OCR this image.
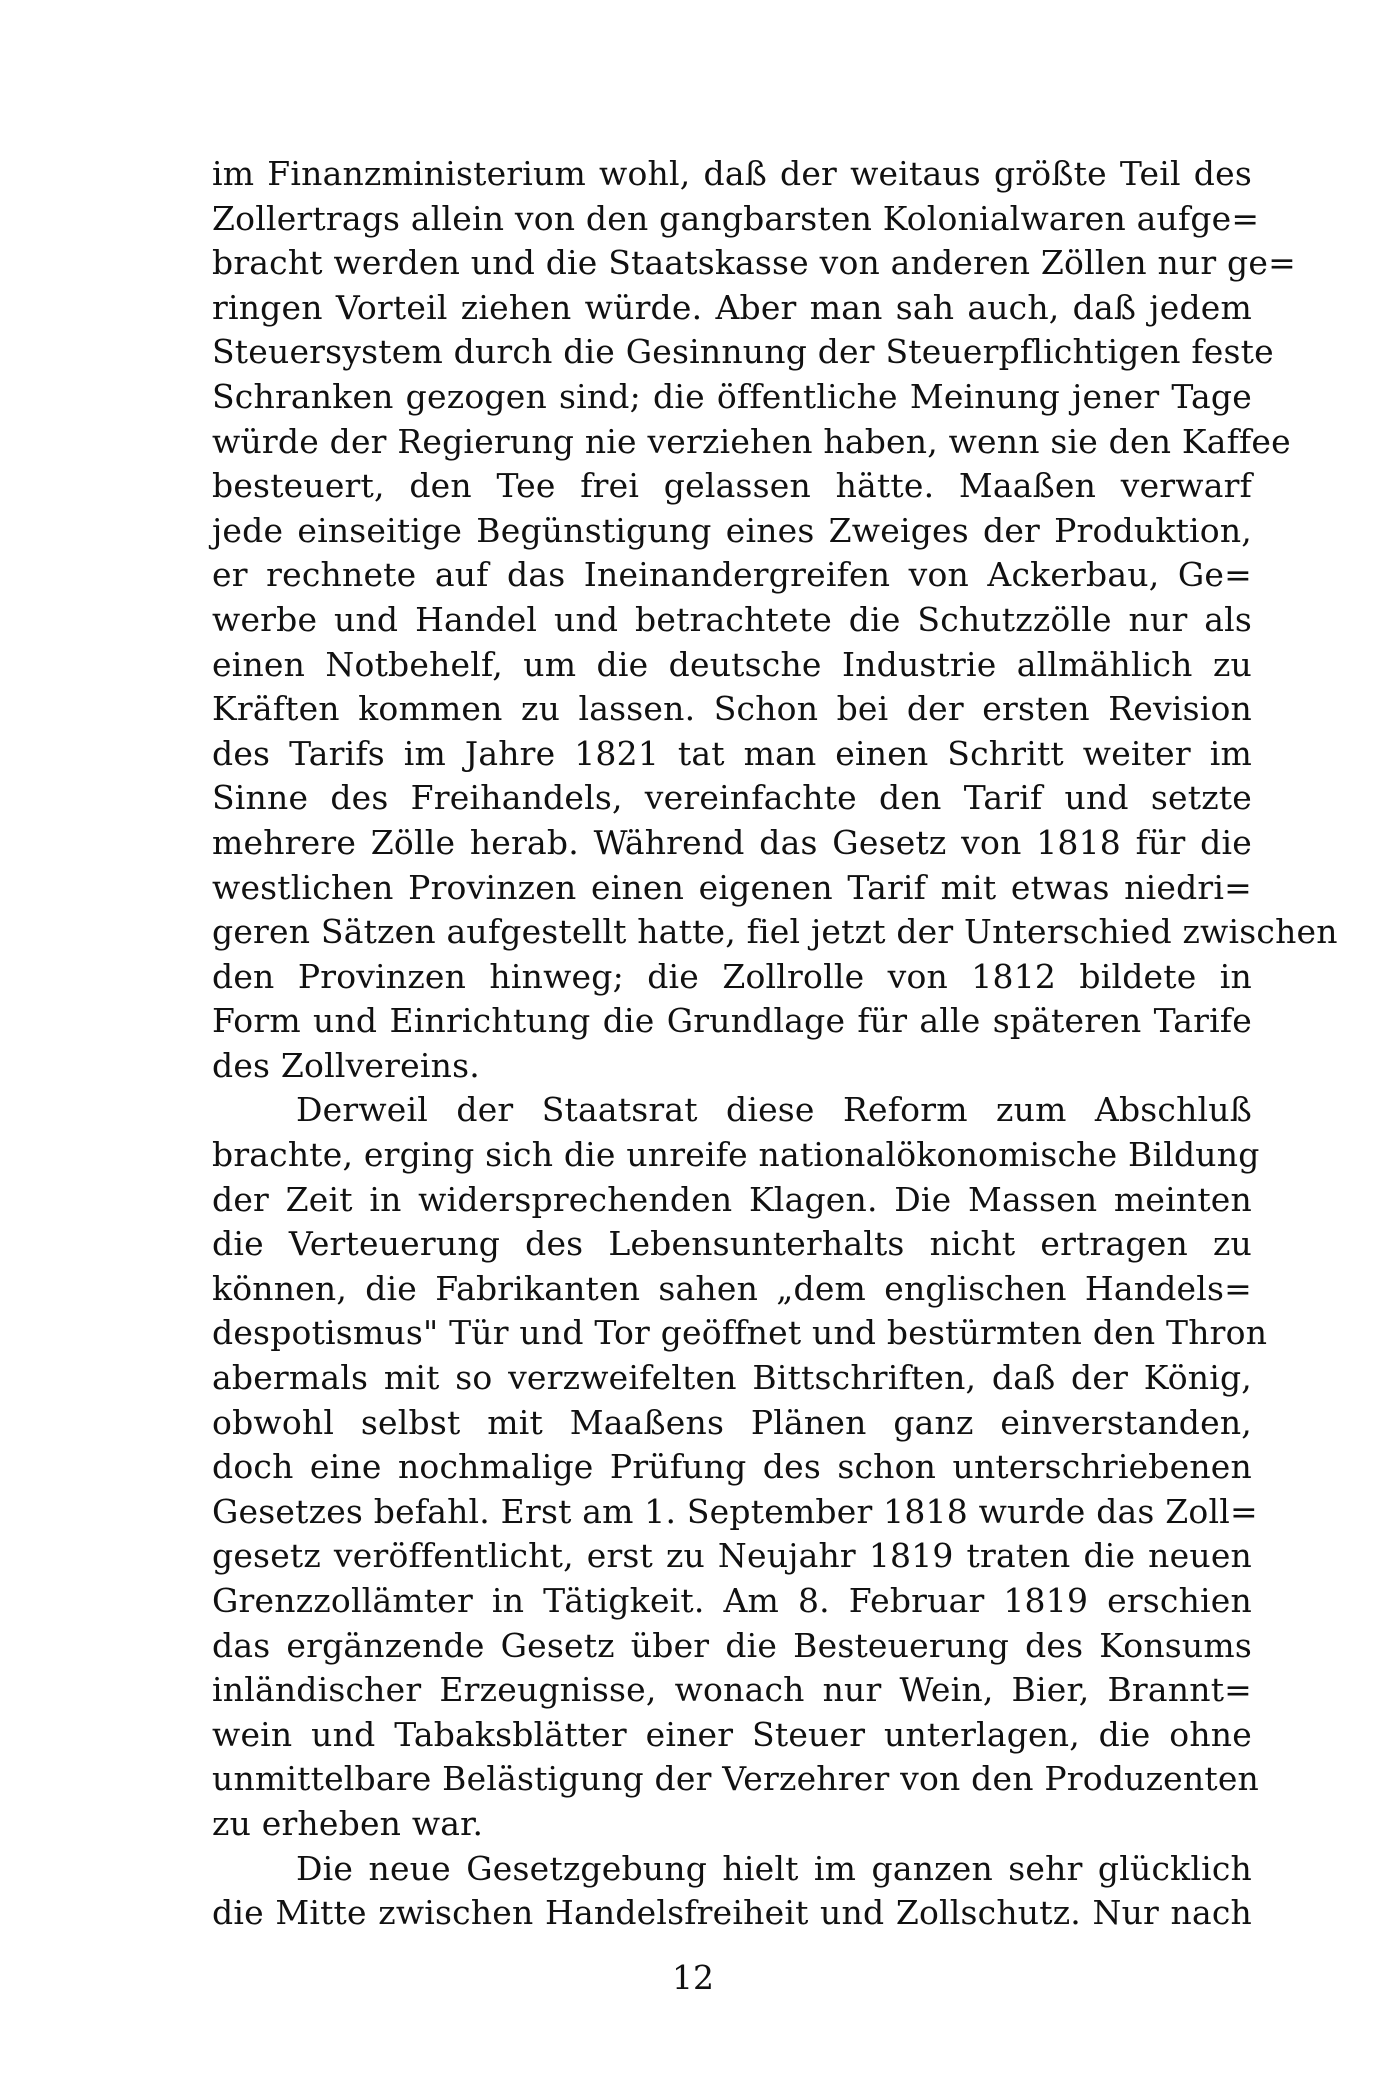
im Finanzministerium wohl, daß der weitaus größte Teil des
Zollertrags allein von den gangbarsten Kolonialwaren aufge=
bracht werden und die Staatskasse von anderen Zöllen nur ge=
ringen Vorteil ziehen würde. Aber man sah auch, daß jedem
Steuersystem durch die Gesinnung der Steuerpflichtigen feste
Schranken gezogen sind; die öffentliche Meinung jener Tage
würde der Regierung nie verziehen haben, wenn sie den Kaffee
besteuert, den Tee frei gelassen hätte. Maaßen verwarf
jede einseitige Begünstigung eines Zweiges der Produktion,
er rechnete auf das Ineinandergreifen von Ackerbau, Ge=
werbe und Handel und betrachtete die Schutzzölle nur als
einen Notbehelf, um die deutsche Industrie allmählich zu
Kräften kommen zu lassen. Schon bei der ersten Revision
des Tarifs im Jahre 1821 tat man einen Schritt weiter im
Sinne des Freihandels, vereinfachte den Tarif und setzte
mehrere Zölle herab. Während das Gesetz von 1818 für die
westlichen Provinzen einen eigenen Tarif mit etwas niedri=
geren Sätzen aufgestellt hatte, fiel jetzt der Unterschied zwischen
den Provinzen hinweg; die Zollrolle von 1812 bildete in
Form und Einrichtung die Grundlage für alle späteren Tarife
des Zollvereins.
Derweil der Staatsrat diese Reform zum Abschluß
brachte, erging sich die unreife nationalökonomische Bildung
der Zeit in widersprechenden Klagen. Die Massen meinten
die Verteuerung des Lebensunterhalts nicht ertragen zu
können, die Fabrikanten sahen „dem englischen Handels=
despotismus" Tür und Tor geöffnet und bestürmten den Thron
abermals mit so verzweifelten Bittschriften, daß der König,
obwohl selbst mit Maaßens Plänen ganz einverstanden,
doch eine nochmalige Prüfung des schon unterschriebenen
Gesetzes befahl. Erst am 1. September 1818 wurde das Zoll=
gesetz veröffentlicht, erst zu Neujahr 1819 traten die neuen
Grenzzollämter in Tätigkeit. Am 8. Februar 1819 erschien
das ergänzende Gesetz über die Besteuerung des Konsums
inländischer Erzeugnisse, wonach nur Wein, Bier, Brannt=
wein und Tabaksblätter einer Steuer unterlagen, die ohne
unmittelbare Belästigung der Verzehrer von den Produzenten
zu erheben war.
Die neue Gesetzgebung hielt im ganzen sehr glücklich
die Mitte zwischen Handelsfreiheit und Zollschutz. Nur nach
12
